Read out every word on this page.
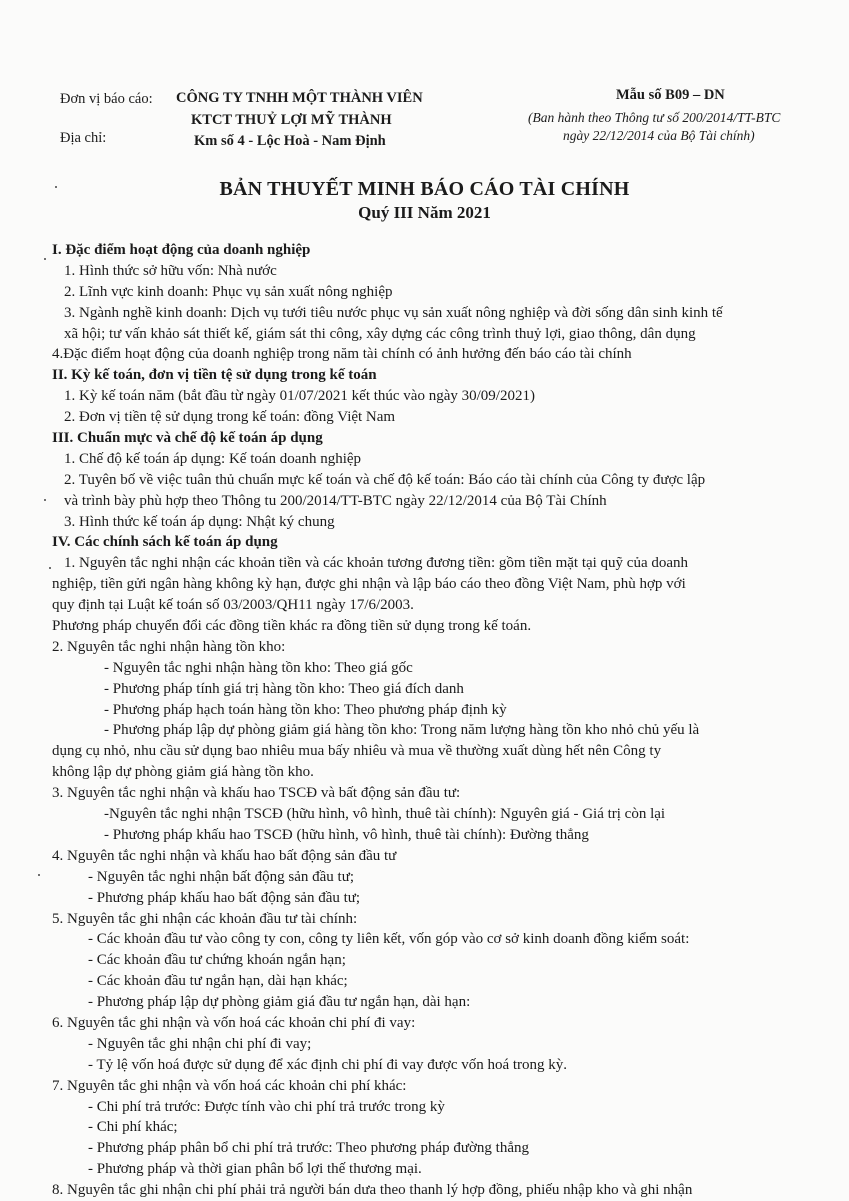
Đơn vị báo cáo: CÔNG TY TNHH MỘT THÀNH VIÊN
KTCT THUỶ LỢI MỸ THÀNH
Địa chỉ:	Km số 4 - Lộc Hoà - Nam Định
Mẫu số B09 – DN
(Ban hành theo Thông tư số 200/2014/TT-BTC
ngày 22/12/2014 của Bộ Tài chính)
BẢN THUYẾT MINH BÁO CÁO TÀI CHÍNH
Quý III Năm 2021
I. Đặc điểm hoạt động của doanh nghiệp
1. Hình thức sở hữu vốn: Nhà nước
2. Lĩnh vực kinh doanh: Phục vụ sản xuất nông nghiệp
3. Ngành nghề kinh doanh: Dịch vụ tưới tiêu nước phục vụ sản xuất nông nghiệp và đời sống dân sinh kinh tế
xã hội; tư vấn khảo sát thiết kế, giám sát thi công, xây dựng các công trình thuỷ lợi, giao thông, dân dụng
4.Đặc điểm hoạt động của doanh nghiệp trong năm tài chính có ảnh hưởng đến báo cáo tài chính
II. Kỳ kế toán, đơn vị tiền tệ sử dụng trong kế toán
1. Kỳ kế toán năm (bắt đầu từ ngày 01/07/2021 kết thúc vào ngày 30/09/2021)
2. Đơn vị tiền tệ sử dụng trong kế toán: đồng Việt Nam
III. Chuẩn mực và chế độ kế toán áp dụng
1. Chế độ kế toán áp dụng: Kế toán doanh nghiệp
2. Tuyên bố về việc tuân thủ chuẩn mực kế toán và chế độ kế toán: Báo cáo tài chính của Công ty được lập
và trình bày phù hợp theo Thông tu 200/2014/TT-BTC ngày 22/12/2014 của Bộ Tài Chính
3. Hình thức kế toán áp dụng: Nhật ký chung
IV. Các chính sách kế toán áp dụng
1. Nguyên tắc nghi nhận các khoản tiền và các khoản tương đương tiền: gồm tiền mặt tại quỹ của doanh
nghiệp, tiền gửi ngân hàng không kỳ hạn, được ghi nhận và lập báo cáo theo đồng Việt Nam, phù hợp với
quy định tại Luật kế toán số 03/2003/QH11 ngày 17/6/2003.
Phương pháp chuyển đổi các đồng tiền khác ra đồng tiền sử dụng trong kế toán.
2. Nguyên tắc nghi nhận hàng tồn kho:
- Nguyên tắc nghi nhận hàng tồn kho: Theo giá gốc
- Phương pháp tính giá trị hàng tồn kho: Theo giá đích danh
- Phương pháp hạch toán hàng tồn kho: Theo phương pháp định kỳ
- Phương pháp lập dự phòng giảm giá hàng tồn kho: Trong năm lượng hàng tồn kho nhỏ chủ yếu là
dụng cụ nhỏ, nhu cầu sử dụng bao nhiêu mua bấy nhiêu và mua về thường xuất dùng hết nên Công ty
không lập dự phòng giảm giá hàng tồn kho.
3. Nguyên tắc nghi nhận và khấu hao TSCĐ và bất động sản đầu tư:
-Nguyên tắc nghi nhận TSCĐ (hữu hình, vô hình, thuê tài chính): Nguyên giá - Giá trị còn lại
- Phương pháp khấu hao TSCĐ (hữu hình, vô hình, thuê tài chính): Đường thẳng
4. Nguyên tắc nghi nhận và khấu hao bất động sản đầu tư
- Nguyên tắc nghi nhận bất động sản đầu tư;
- Phương pháp khấu hao bất động sản đầu tư;
5. Nguyên tắc ghi nhận các khoản đầu tư tài chính:
- Các khoản đầu tư vào công ty con, công ty liên kết, vốn góp vào cơ sở kinh doanh đồng kiểm soát:
- Các khoản đầu tư chứng khoán ngắn hạn;
- Các khoản đầu tư ngắn hạn, dài hạn khác;
- Phương pháp lập dự phòng giảm giá đầu tư ngắn hạn, dài hạn:
6. Nguyên tắc ghi nhận và vốn hoá các khoản chi phí đi vay:
- Nguyên tắc ghi nhận chi phí đi vay;
- Tỷ lệ vốn hoá được sử dụng để xác định chi phí đi vay được vốn hoá trong kỳ.
7. Nguyên tắc ghi nhận và vốn hoá các khoản chi phí khác:
- Chi phí trả trước: Được tính vào chi phí trả trước trong kỳ
- Chi phí khác;
- Phương pháp phân bổ chi phí trả trước: Theo phương pháp đường thẳng
- Phương pháp và thời gian phân bổ lợi thế thương mại.
8. Nguyên tắc ghi nhận chi phí phải trả người bán dưa theo thanh lý hợp đồng, phiếu nhập kho và ghi nhận
